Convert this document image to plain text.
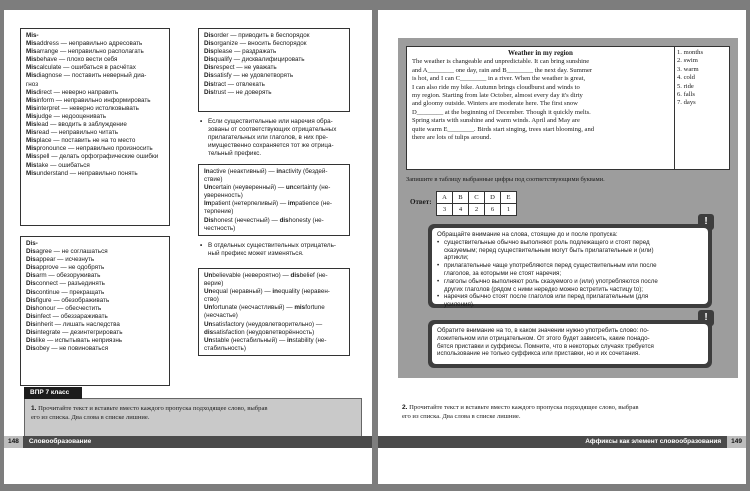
Mis-
Misaddress — неправильно адресовать
Misarrange — неправильно располагать
Misbehave — плохо вести себя
Miscalculate — ошибаться в расчётах
Misdiagnose — поставить неверный диа-
гноз
Misdirect — неверно направить
Misinform — неправильно информировать
Misinterpret — неверно истолковывать
Misjudge — недооценивать
Mislead — вводить в заблуждение
Misread — неправильно читать
Misplace — поставить не на то место
Mispronounce — неправильно произносить
Misspell — делать орфографические ошибки
Mistake — ошибаться
Misunderstand — неправильно понять
Dis-
Disagree — не соглашаться
Disappear — исчезнуть
Disapprove — не одобрять
Disarm — обезоруживать
Disconnect — разъединять
Discontinue — прекращать
Disfigure — обезображивать
Dishonour — обесчестить
Disinfect — обеззараживать
Disinherit — лишать наследства
Disintegrate — дезинтегрировать
Dislike — испытывать неприязнь
Disobey — не повиноваться
Disorder — приводить в беспорядок
Disorganize — вносить беспорядок
Displease — раздражать
Disqualify — дисквалифицировать
Disrespect — не уважать
Dissatisfy — не удовлетворять
Distract — отвлекать
Distrust — не доверять
• Если существительные или наречия обра-
зованы от соответствующих отрицательных
прилагательных или глаголов, в них пре-
имущественно сохраняется тот же отрица-
тельный префикс.
Inactive (неактивный) — inactivity (бездей-
ствие)
Uncertain (неуверенный) — uncertainty (не-
уверенность)
Impatient (нетерпеливый) — impatience (не-
терпение)
Dishonest (нечестный) — dishonesty (не-
честность)
• В отдельных существительных отрицатель-
ный префикс может изменяться.
Unbelievable (невероятно) — disbelief (не-
верие)
Unequal (неравный) — inequality (неравен-
ство)
Unfortunate (несчастливый) — misfortune
(несчастье)
Unsatisfactory (неудовлетворительно) —
dissatisfaction (неудовлетворённость)
Unstable (нестабильный) — instability (не-
стабильность)
ВПР 7 класс
1. Прочитайте текст и вставьте вместо каждого пропуска подходящее слово, выбрав
его из списка. Два слова в списке лишние.
148 Словообразование
Weather in my region
The weather is changeable and unpredictable. It can bring sunshine
and A________ one day, rain and B________ the next day. Summer
is hot, and I can C________ in a river. When the weather is great,
I can also ride my bike. Autumn brings cloudburst and winds to
my region. Starting from late October, almost every day it's dirty
and gloomy outside. Winters are moderate here. The first snow
D________ at the beginning of December. Though it quickly melts.
Spring starts with sunshine and warm winds. April and May are
quite warm E________. Birds start singing, trees start blooming, and
there are lots of tulips around.
1. months
2. swim
3. warm
4. cold
5. ride
6. falls
7. days
Запишите в таблицу выбранные цифры под соответствующими буквами.
Ответ:
A	B	C	D	E
3	4	2	6	1
!
Обращайте внимание на слова, стоящие до и после пропуска:
• существительные обычно выполняют роль подлежащего и стоят перед
сказуемым; перед существительным могут быть прилагательные и (или)
артикли;
• прилагательные чаще употребляются перед существительным или после
глаголов, за которыми не стоят наречия;
• глаголы обычно выполняют роль сказуемого и (или) употребляются после
других глаголов (рядом с ними нередко можно встретить частицу to);
• наречия обычно стоят после глаголов или перед прилагательным (для
усиления).
!
Обратите внимание на то, в каком значении нужно употребить слово: по-
ложительном или отрицательном. От этого будет зависеть, какие понадо-
бятся приставки и суффиксы. Помните, что в некоторых случаях требуется
использование не только суффикса или приставки, но и их сочетания.
2. Прочитайте текст и вставьте вместо каждого пропуска подходящее слово, выбрав
его из списка. Два слова в списке лишние.
Аффиксы как элемент словообразования 149
